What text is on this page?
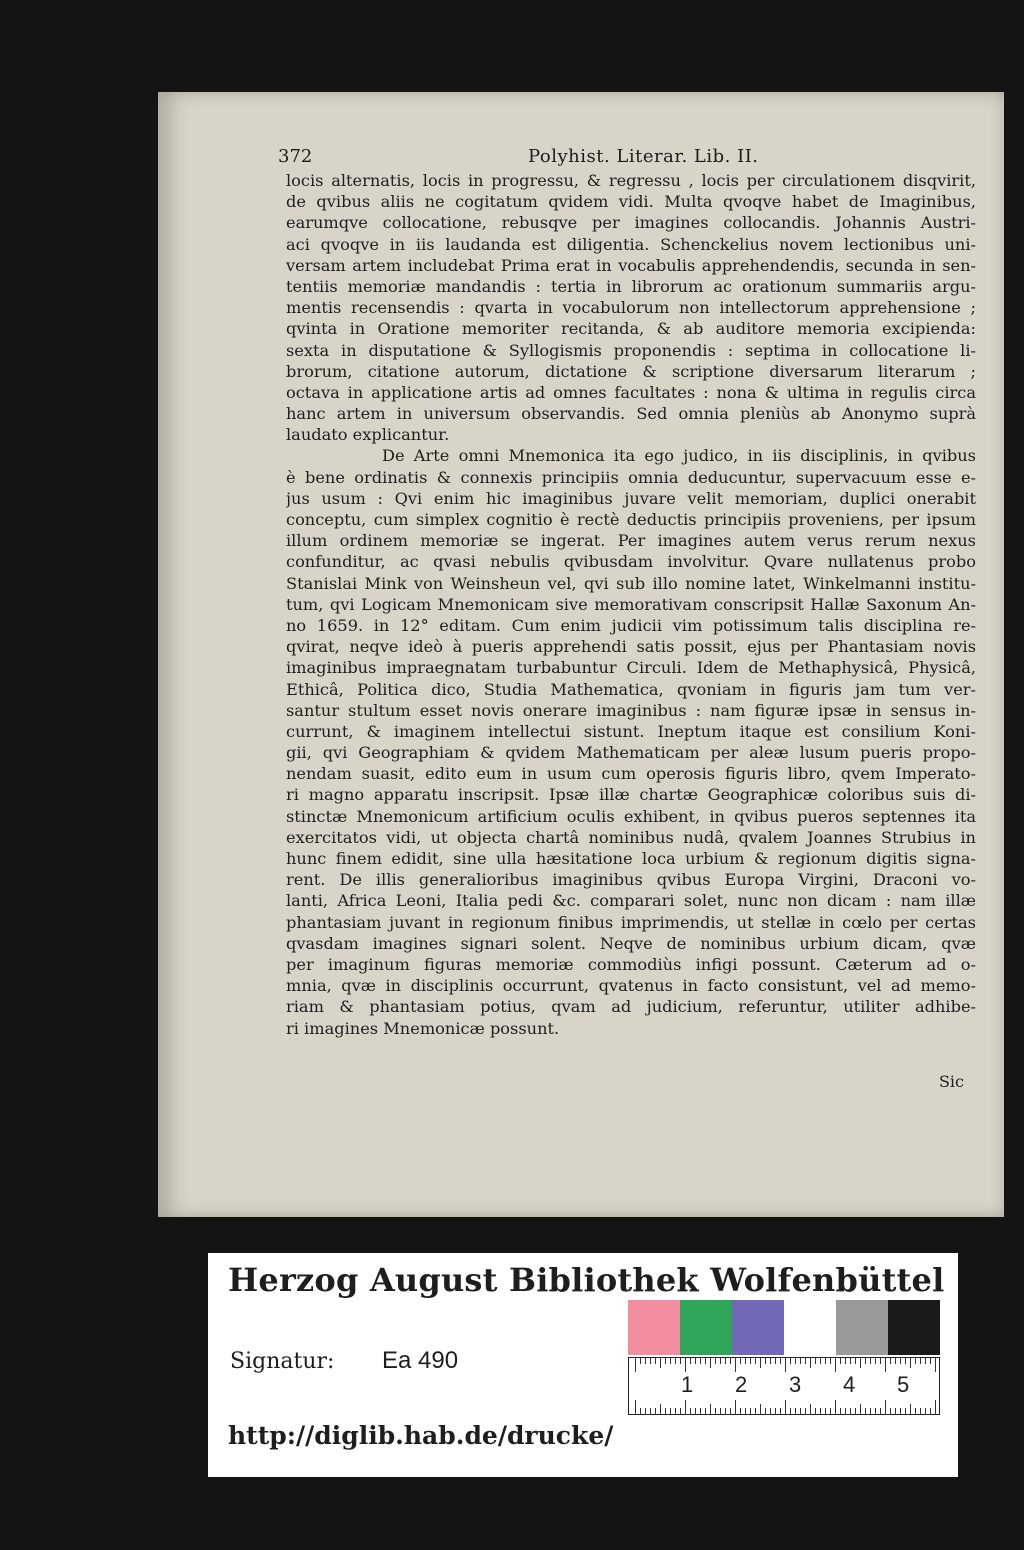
372	Polyhist. Literar. Lib. II.
locis alternatis, locis in progressu, & regressu , locis per circulationem disqvirit,
de qvibus aliis ne cogitatum qvidem vidi. Multa qvoqve habet de Imaginibus,
earumqve collocatione, rebusqve per imagines collocandis. Johannis Austri-
aci qvoqve in iis laudanda est diligentia. Schenckelius novem lectionibus uni-
versam artem includebat Prima erat in vocabulis apprehendendis, secunda in sen-
tentiis memoriæ mandandis : tertia in librorum ac orationum summariis argu-
mentis recensendis : qvarta in vocabulorum non intellectorum apprehensione ;
qvinta in Oratione memoriter recitanda, & ab auditore memoria excipienda:
sexta in disputatione & Syllogismis proponendis : septima in collocatione li-
brorum, citatione autorum, dictatione & scriptione diversarum literarum ;
octava in applicatione artis ad omnes facultates : nona & ultima in regulis circa
hanc artem in universum observandis. Sed omnia pleniùs ab Anonymo suprà
laudato explicantur.
De Arte omni Mnemonica ita ego judico, in iis disciplinis, in qvibus
è bene ordinatis & connexis principiis omnia deducuntur, supervacuum esse e-
jus usum : Qvi enim hic imaginibus juvare velit memoriam, duplici onerabit
conceptu, cum simplex cognitio è rectè deductis principiis proveniens, per ipsum
illum ordinem memoriæ se ingerat. Per imagines autem verus rerum nexus
confunditur, ac qvasi nebulis qvibusdam involvitur. Qvare nullatenus probo
Stanislai Mink von Weinsheun vel, qvi sub illo nomine latet, Winkelmanni institu-
tum, qvi Logicam Mnemonicam sive memorativam conscripsit Hallæ Saxonum An-
no 1659. in 12° editam. Cum enim judicii vim potissimum talis disciplina re-
qvirat, neqve ideò à pueris apprehendi satis possit, ejus per Phantasiam novis
imaginibus impraegnatam turbabuntur Circuli. Idem de Methaphysicâ, Physicâ,
Ethicâ, Politica dico, Studia Mathematica, qvoniam in figuris jam tum ver-
santur stultum esset novis onerare imaginibus : nam figuræ ipsæ in sensus in-
currunt, & imaginem intellectui sistunt. Ineptum itaque est consilium Koni-
gii, qvi Geographiam & qvidem Mathematicam per aleæ lusum pueris propo-
nendam suasit, edito eum in usum cum operosis figuris libro, qvem Imperato-
ri magno apparatu inscripsit. Ipsæ illæ chartæ Geographicæ coloribus suis di-
stinctæ Mnemonicum artificium oculis exhibent, in qvibus pueros septennes ita
exercitatos vidi, ut objecta chartâ nominibus nudâ, qvalem Joannes Strubius in
hunc finem edidit, sine ulla hæsitatione loca urbium & regionum digitis signa-
rent. De illis generalioribus imaginibus qvibus Europa Virgini, Draconi vo-
lanti, Africa Leoni, Italia pedi &c. comparari solet, nunc non dicam : nam illæ
phantasiam juvant in regionum finibus imprimendis, ut stellæ in cœlo per certas
qvasdam imagines signari solent. Neqve de nominibus urbium dicam, qvæ
per imaginum figuras memoriæ commodiùs infigi possunt. Cæterum ad o-
mnia, qvæ in disciplinis occurrunt, qvatenus in facto consistunt, vel ad memo-
riam & phantasiam potius, qvam ad judicium, referuntur, utiliter adhibe-
ri imagines Mnemonicæ possunt.
Sic
Herzog August Bibliothek Wolfenbüttel
1 2 3 4 5
Signatur: Ea 490
http://diglib.hab.de/drucke/
